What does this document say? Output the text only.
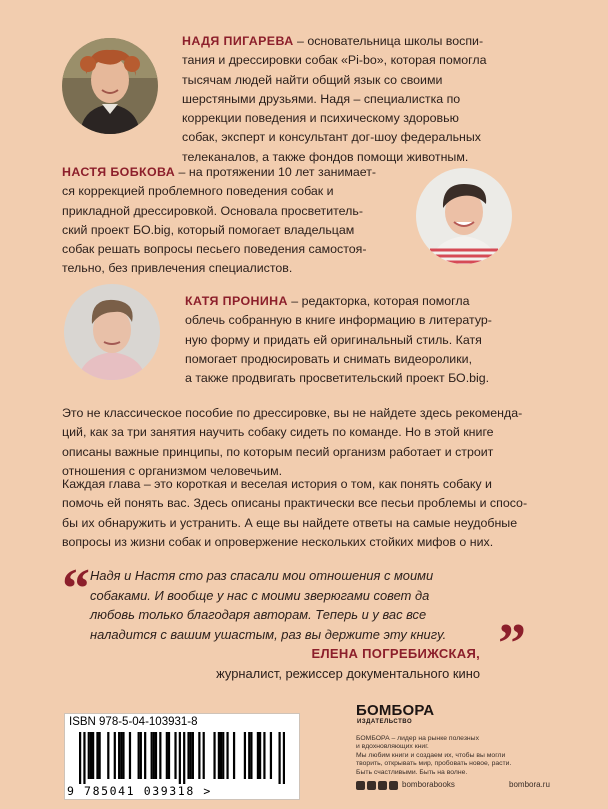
НАДЯ ПИГАРЕВА – основательница школы воспи-
тания и дрессировки собак «Pi-bo», которая помогла
тысячам людей найти общий язык со своими
шерстяными друзьями. Надя – специалистка по
коррекции поведения и психическому здоровью
собак, эксперт и консультант дог-шоу федеральных
телеканалов, а также фондов помощи животным.
НАСТЯ БОБКОВА – на протяжении 10 лет занимает-
ся коррекцией проблемного поведения собак и
прикладной дрессировкой. Основала просветитель-
ский проект БО.big, который помогает владельцам
собак решать вопросы песьего поведения самостоя-
тельно, без привлечения специалистов.
КАТЯ ПРОНИНА – редакторка, которая помогла
облечь собранную в книге информацию в литератур-
ную форму и придать ей оригинальный стиль. Катя
помогает продюсировать и снимать видеоролики,
а также продвигать просветительский проект БО.big.
Это не классическое пособие по дрессировке, вы не найдете здесь рекоменда-
ций, как за три занятия научить собаку сидеть по команде. Но в этой книге
описаны важные принципы, по которым песий организм работает и строит
отношения с организмом человечьим.
Каждая глава – это короткая и веселая история о том, как понять собаку и
помочь ей понять вас. Здесь описаны практически все песьи проблемы и спосо-
бы их обнаружить и устранить. А еще вы найдете ответы на самые неудобные
вопросы из жизни собак и опровержение нескольких стойких мифов о них.
“ Надя и Настя сто раз спасали мои отношения с моими
собаками. И вообще у нас с моими зверюгами совет да
любовь только благодаря авторам. Теперь и у вас все
наладится с вашим ушастым, раз вы держите эту книгу. ”
ЕЛЕНА ПОГРЕБИЖСКАЯ,
журналист, режиссер документального кино
ISBN 978-5-04-103931-8
9 785041 039318 >
БОМБОРА
ИЗДАТЕЛЬСТВО
БОМБОРА – лидер на рынке полезных
и вдохновляющих книг.
Мы любим книги и создаем их, чтобы вы могли
творить, открывать мир, пробовать новое, расти.
Быть счастливыми. Быть на волне.
bomborabooks	bombora.ru
